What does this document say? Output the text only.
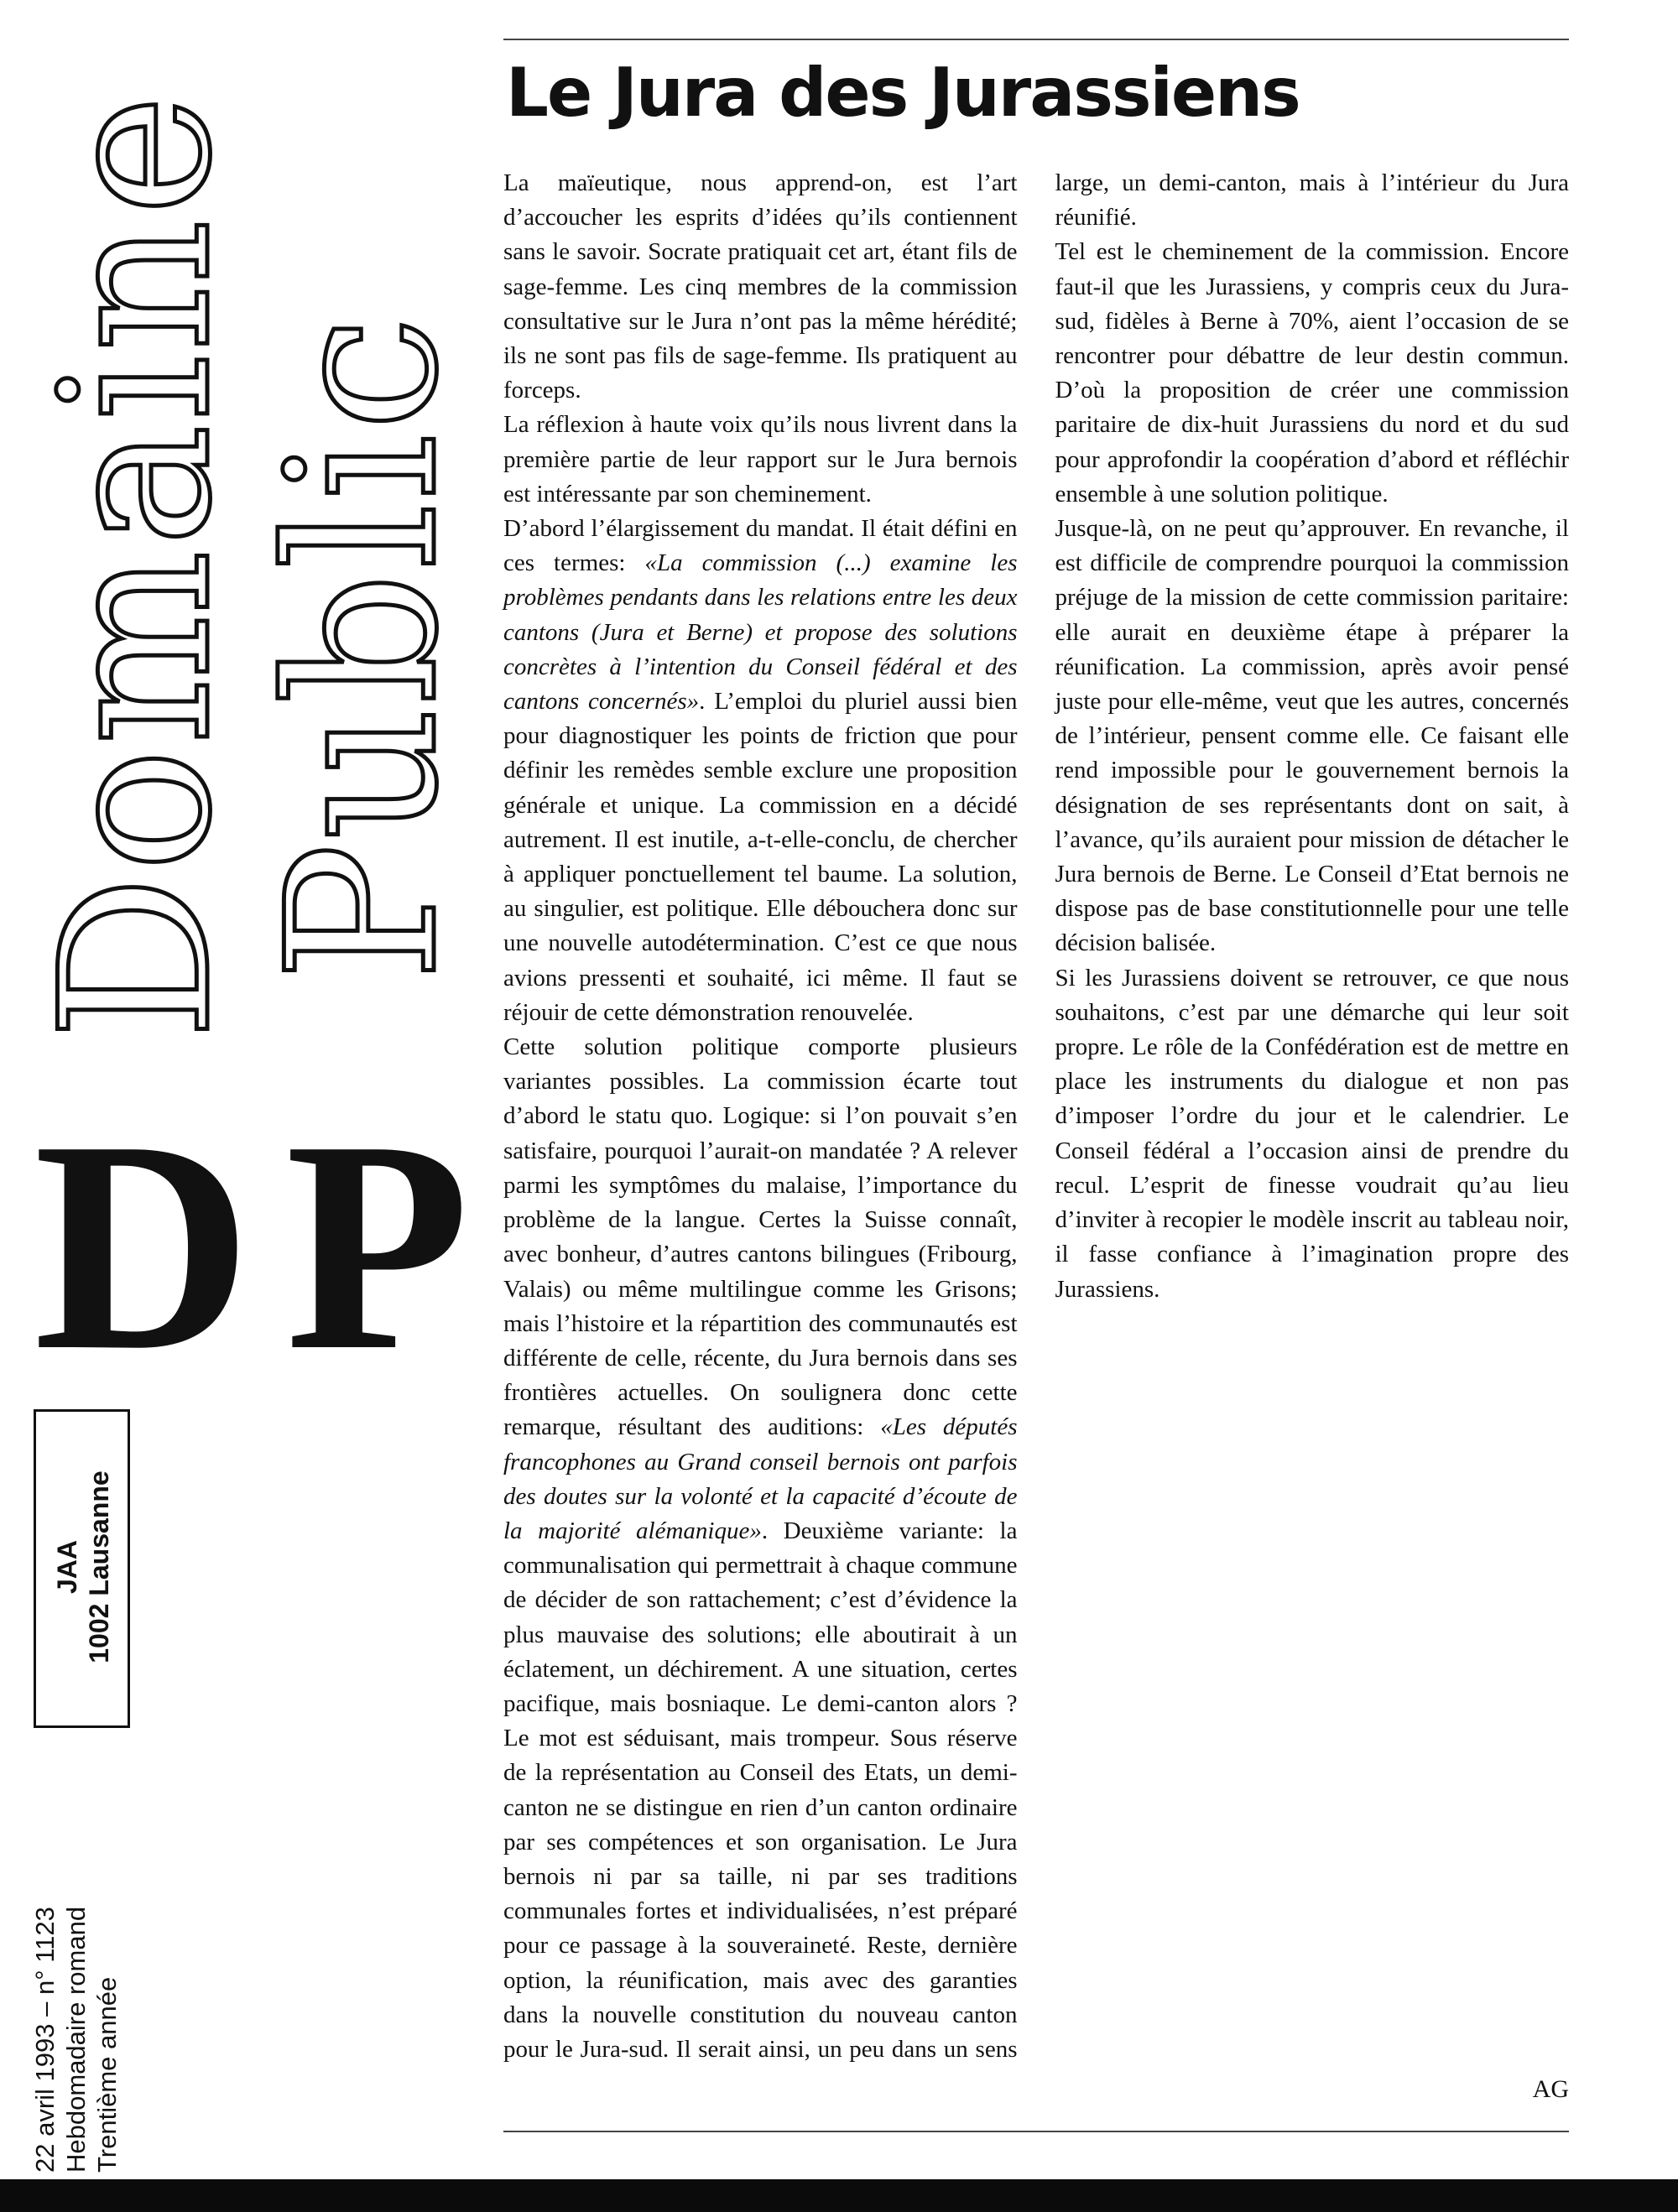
Domaine
Public
DP
JAA 1002 Lausanne
22 avril 1993 – n° 1123 Hebdomadaire romand Trentième année
Le Jura des Jurassiens

La maïeutique, nous apprend-on, est l’art d’accoucher les esprits d’idées qu’ils contiennent sans le savoir. Socrate pratiquait cet art, étant fils de sage-femme. Les cinq membres de la commission consultative sur le Jura n’ont pas la même hérédité; ils ne sont pas fils de sage-femme. Ils pratiquent au forceps.

La réflexion à haute voix qu’ils nous livrent dans la première partie de leur rapport sur le Jura bernois est intéressante par son cheminement.

D’abord l’élargissement du mandat. Il était défini en ces termes: «La commission (...) examine les problèmes pendants dans les relations entre les deux cantons (Jura et Berne) et propose des solutions concrètes à l’intention du Conseil fédéral et des cantons concernés». L’emploi du pluriel aussi bien pour diagnostiquer les points de friction que pour définir les remèdes semble exclure une proposition générale et unique. La commission en a décidé autrement. Il est inutile, a-t-elle-conclu, de chercher à appliquer ponctuellement tel baume. La solution, au singulier, est politique. Elle débouchera donc sur une nouvelle autodétermination. C’est ce que nous avions pressenti et souhaité, ici même. Il faut se réjouir de cette démonstration renouvelée.

Cette solution politique comporte plusieurs variantes possibles. La commission écarte tout d’abord le statu quo. Logique: si l’on pouvait s’en satisfaire, pourquoi l’aurait-on mandatée ? A relever parmi les symptômes du malaise, l’importance du problème de la langue. Certes la Suisse connaît, avec bonheur, d’autres cantons bilingues (Fribourg, Valais) ou même multilingue comme les Grisons; mais l’histoire et la répartition des communautés est différente de celle, récente, du Jura bernois dans ses frontières actuelles. On soulignera donc cette remarque, résultant des auditions: «Les députés francophones au Grand conseil bernois ont parfois des doutes sur la volonté et la capacité d’écoute de la majorité alémanique». Deuxième variante: la communalisation qui permettrait à chaque commune de décider de son rattachement; c’est d’évidence la plus mauvaise des solutions; elle aboutirait à un éclatement, un déchirement. A une situation, certes pacifique, mais bosniaque. Le demi-canton alors ? Le mot est séduisant, mais trompeur. Sous réserve de la représentation au Conseil des Etats, un demi-canton ne se distingue en rien d’un canton ordinaire par ses compétences et son organisation. Le Jura bernois ni par sa taille, ni par ses traditions communales fortes et individualisées, n’est préparé pour ce passage à la souveraineté. Reste, dernière option, la réunification, mais avec des garanties dans la nouvelle constitution du nouveau canton pour le Jura-sud. Il serait ainsi, un peu dans un sens large, un demi-canton, mais à l’intérieur du Jura réunifié.

Tel est le cheminement de la commission. Encore faut-il que les Jurassiens, y compris ceux du Jura-sud, fidèles à Berne à 70%, aient l’occasion de se rencontrer pour débattre de leur destin commun. D’où la proposition de créer une commission paritaire de dix-huit Jurassiens du nord et du sud pour approfondir la coopération d’abord et réfléchir ensemble à une solution politique.

Jusque-là, on ne peut qu’approuver. En revanche, il est difficile de comprendre pourquoi la commission préjuge de la mission de cette commission paritaire: elle aurait en deuxième étape à préparer la réunification. La commission, après avoir pensé juste pour elle-même, veut que les autres, concernés de l’intérieur, pensent comme elle. Ce faisant elle rend impossible pour le gouvernement bernois la désignation de ses représentants dont on sait, à l’avance, qu’ils auraient pour mission de détacher le Jura bernois de Berne. Le Conseil d’Etat bernois ne dispose pas de base constitutionnelle pour une telle décision balisée.

Si les Jurassiens doivent se retrouver, ce que nous souhaitons, c’est par une démarche qui leur soit propre. Le rôle de la Confédération est de mettre en place les instruments du dialogue et non pas d’imposer l’ordre du jour et le calendrier. Le Conseil fédéral a l’occasion ainsi de prendre du recul. L’esprit de finesse voudrait qu’au lieu d’inviter à recopier le modèle inscrit au tableau noir, il fasse confiance à l’imagination propre des Jurassiens.

AG
